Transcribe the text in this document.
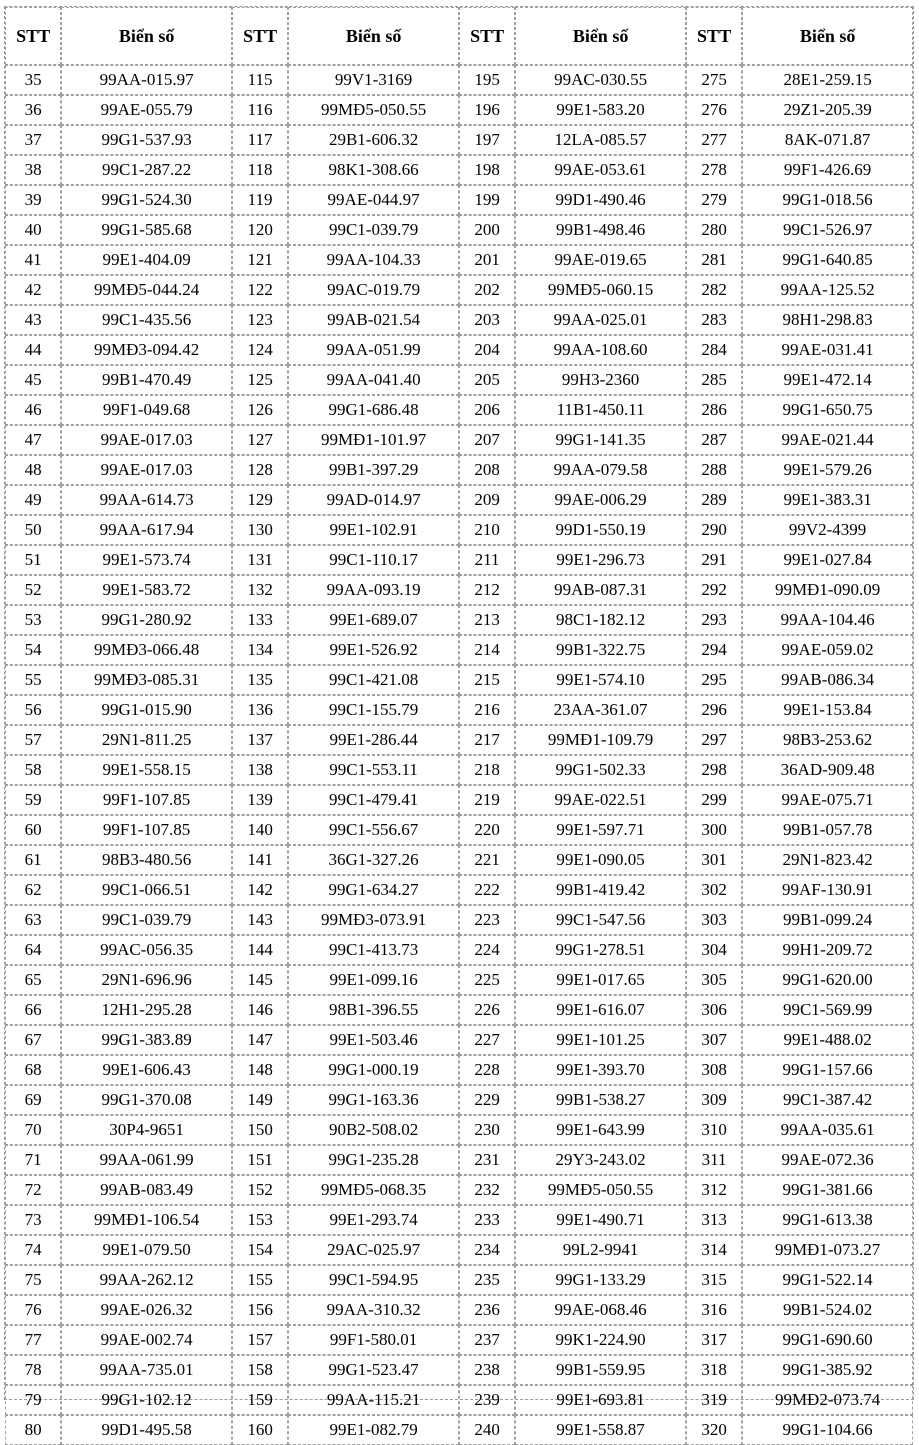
STT	Biển số	STT	Biển số	STT	Biển số	STT	Biển số
35	99AA-015.97	115	99V1-3169	195	99AC-030.55	275	28E1-259.15
36	99AE-055.79	116	99MĐ5-050.55	196	99E1-583.20	276	29Z1-205.39
37	99G1-537.93	117	29B1-606.32	197	12LA-085.57	277	8AK-071.87
38	99C1-287.22	118	98K1-308.66	198	99AE-053.61	278	99F1-426.69
39	99G1-524.30	119	99AE-044.97	199	99D1-490.46	279	99G1-018.56
40	99G1-585.68	120	99C1-039.79	200	99B1-498.46	280	99C1-526.97
41	99E1-404.09	121	99AA-104.33	201	99AE-019.65	281	99G1-640.85
42	99MĐ5-044.24	122	99AC-019.79	202	99MĐ5-060.15	282	99AA-125.52
43	99C1-435.56	123	99AB-021.54	203	99AA-025.01	283	98H1-298.83
44	99MĐ3-094.42	124	99AA-051.99	204	99AA-108.60	284	99AE-031.41
45	99B1-470.49	125	99AA-041.40	205	99H3-2360	285	99E1-472.14
46	99F1-049.68	126	99G1-686.48	206	11B1-450.11	286	99G1-650.75
47	99AE-017.03	127	99MĐ1-101.97	207	99G1-141.35	287	99AE-021.44
48	99AE-017.03	128	99B1-397.29	208	99AA-079.58	288	99E1-579.26
49	99AA-614.73	129	99AD-014.97	209	99AE-006.29	289	99E1-383.31
50	99AA-617.94	130	99E1-102.91	210	99D1-550.19	290	99V2-4399
51	99E1-573.74	131	99C1-110.17	211	99E1-296.73	291	99E1-027.84
52	99E1-583.72	132	99AA-093.19	212	99AB-087.31	292	99MĐ1-090.09
53	99G1-280.92	133	99E1-689.07	213	98C1-182.12	293	99AA-104.46
54	99MĐ3-066.48	134	99E1-526.92	214	99B1-322.75	294	99AE-059.02
55	99MĐ3-085.31	135	99C1-421.08	215	99E1-574.10	295	99AB-086.34
56	99G1-015.90	136	99C1-155.79	216	23AA-361.07	296	99E1-153.84
57	29N1-811.25	137	99E1-286.44	217	99MĐ1-109.79	297	98B3-253.62
58	99E1-558.15	138	99C1-553.11	218	99G1-502.33	298	36AD-909.48
59	99F1-107.85	139	99C1-479.41	219	99AE-022.51	299	99AE-075.71
60	99F1-107.85	140	99C1-556.67	220	99E1-597.71	300	99B1-057.78
61	98B3-480.56	141	36G1-327.26	221	99E1-090.05	301	29N1-823.42
62	99C1-066.51	142	99G1-634.27	222	99B1-419.42	302	99AF-130.91
63	99C1-039.79	143	99MĐ3-073.91	223	99C1-547.56	303	99B1-099.24
64	99AC-056.35	144	99C1-413.73	224	99G1-278.51	304	99H1-209.72
65	29N1-696.96	145	99E1-099.16	225	99E1-017.65	305	99G1-620.00
66	12H1-295.28	146	98B1-396.55	226	99E1-616.07	306	99C1-569.99
67	99G1-383.89	147	99E1-503.46	227	99E1-101.25	307	99E1-488.02
68	99E1-606.43	148	99G1-000.19	228	99E1-393.70	308	99G1-157.66
69	99G1-370.08	149	99G1-163.36	229	99B1-538.27	309	99C1-387.42
70	30P4-9651	150	90B2-508.02	230	99E1-643.99	310	99AA-035.61
71	99AA-061.99	151	99G1-235.28	231	29Y3-243.02	311	99AE-072.36
72	99AB-083.49	152	99MĐ5-068.35	232	99MĐ5-050.55	312	99G1-381.66
73	99MĐ1-106.54	153	99E1-293.74	233	99E1-490.71	313	99G1-613.38
74	99E1-079.50	154	29AC-025.97	234	99L2-9941	314	99MĐ1-073.27
75	99AA-262.12	155	99C1-594.95	235	99G1-133.29	315	99G1-522.14
76	99AE-026.32	156	99AA-310.32	236	99AE-068.46	316	99B1-524.02
77	99AE-002.74	157	99F1-580.01	237	99K1-224.90	317	99G1-690.60
78	99AA-735.01	158	99G1-523.47	238	99B1-559.95	318	99G1-385.92
79	99G1-102.12	159	99AA-115.21	239	99E1-693.81	319	99MĐ2-073.74
80	99D1-495.58	160	99E1-082.79	240	99E1-558.87	320	99G1-104.66
